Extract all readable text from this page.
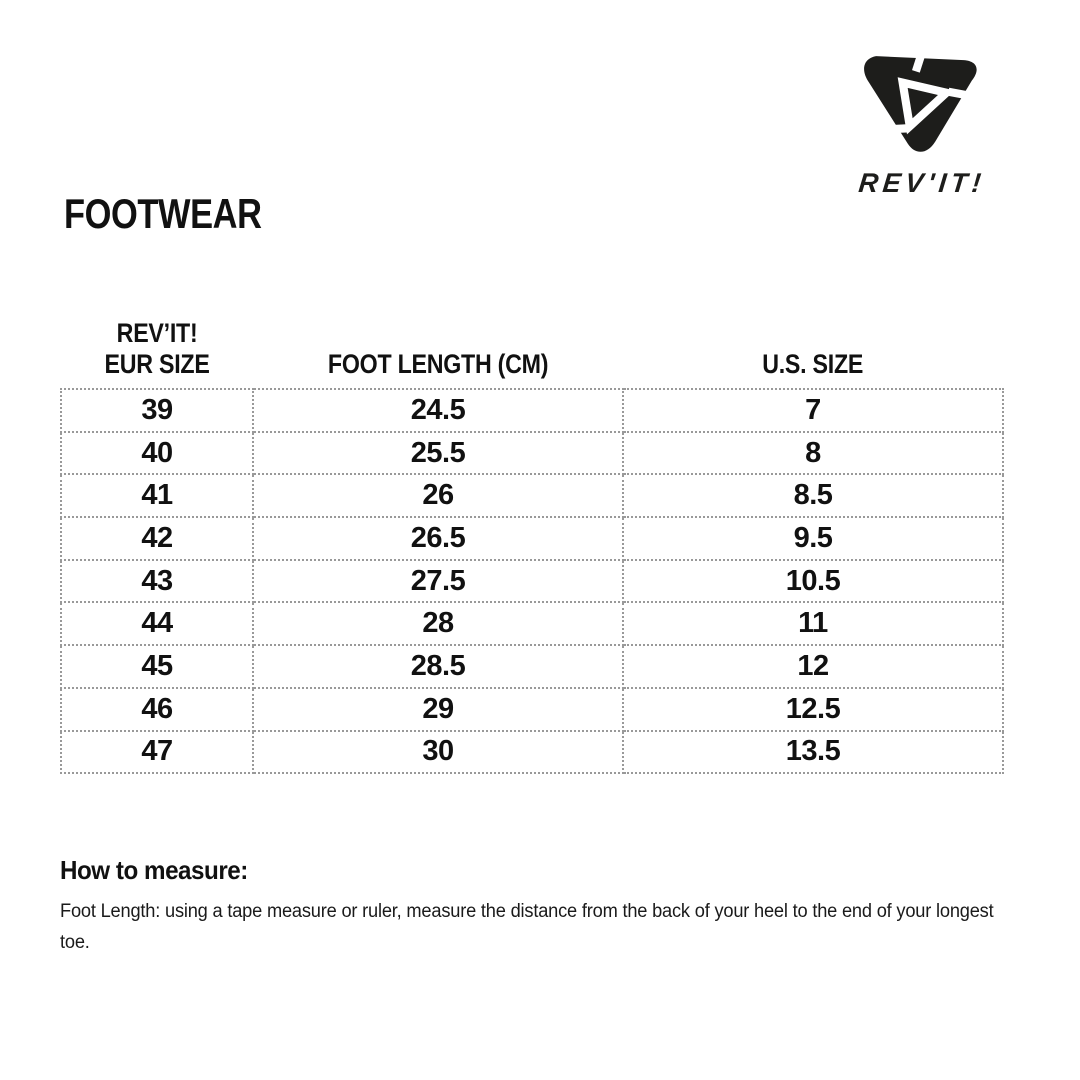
REV'IT!
FOOTWEAR
REV’IT!
EUR SIZE	FOOT LENGTH (CM)	U.S. SIZE
39	24.5	7
40	25.5	8
41	26	8.5
42	26.5	9.5
43	27.5	10.5
44	28	11
45	28.5	12
46	29	12.5
47	30	13.5
How to measure:
Foot Length: using a tape measure or ruler, measure the distance from the back of your heel to the end of your longest toe.
